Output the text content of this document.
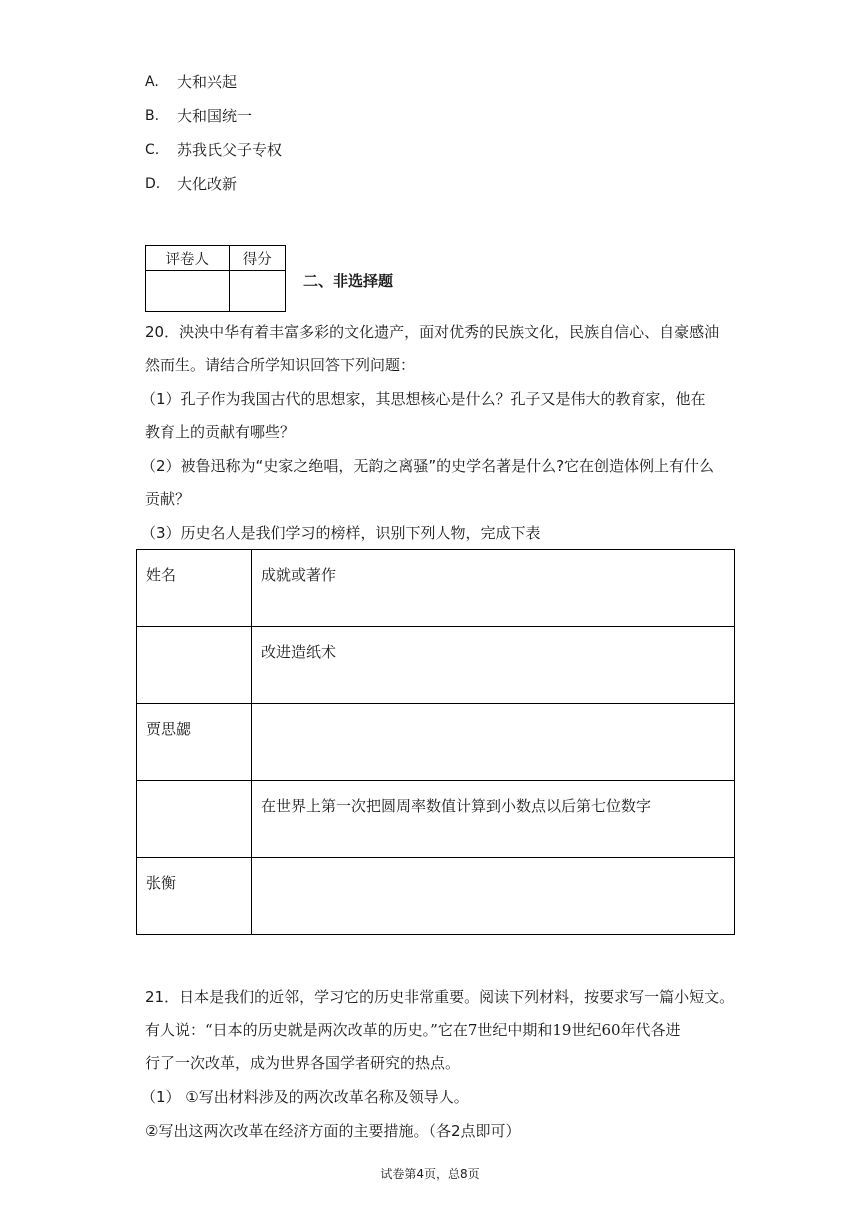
A.	大和兴起
B.	大和国统一
C.	苏我氏父子专权
D.	大化改新
评卷人	得分

二、非选择题
20．泱泱中华有着丰富多彩的文化遗产，面对优秀的民族文化，民族自信心、自豪感油
然而生。请结合所学知识回答下列问题：
（1）孔子作为我国古代的思想家，其思想核心是什么？孔子又是伟大的教育家，他在
教育上的贡献有哪些？
（2）被鲁迅称为“史家之绝唱，无韵之离骚”的史学名著是什么?它在创造体例上有什么
贡献？
（3）历史名人是我们学习的榜样，识别下列人物，完成下表
姓名	成就或著作
	改进造纸术
贾思勰	
	在世界上第一次把圆周率数值计算到小数点以后第七位数字
张衡	
21．日本是我们的近邻，学习它的历史非常重要。阅读下列材料，按要求写一篇小短文。
有人说：“日本的历史就是两次改革的历史。”它在7世纪中期和19世纪60年代各进
行了一次改革，成为世界各国学者研究的热点。
（1） ①写出材料涉及的两次改革名称及领导人。
②写出这两次改革在经济方面的主要措施。（各2点即可）
试卷第4页，总8页
